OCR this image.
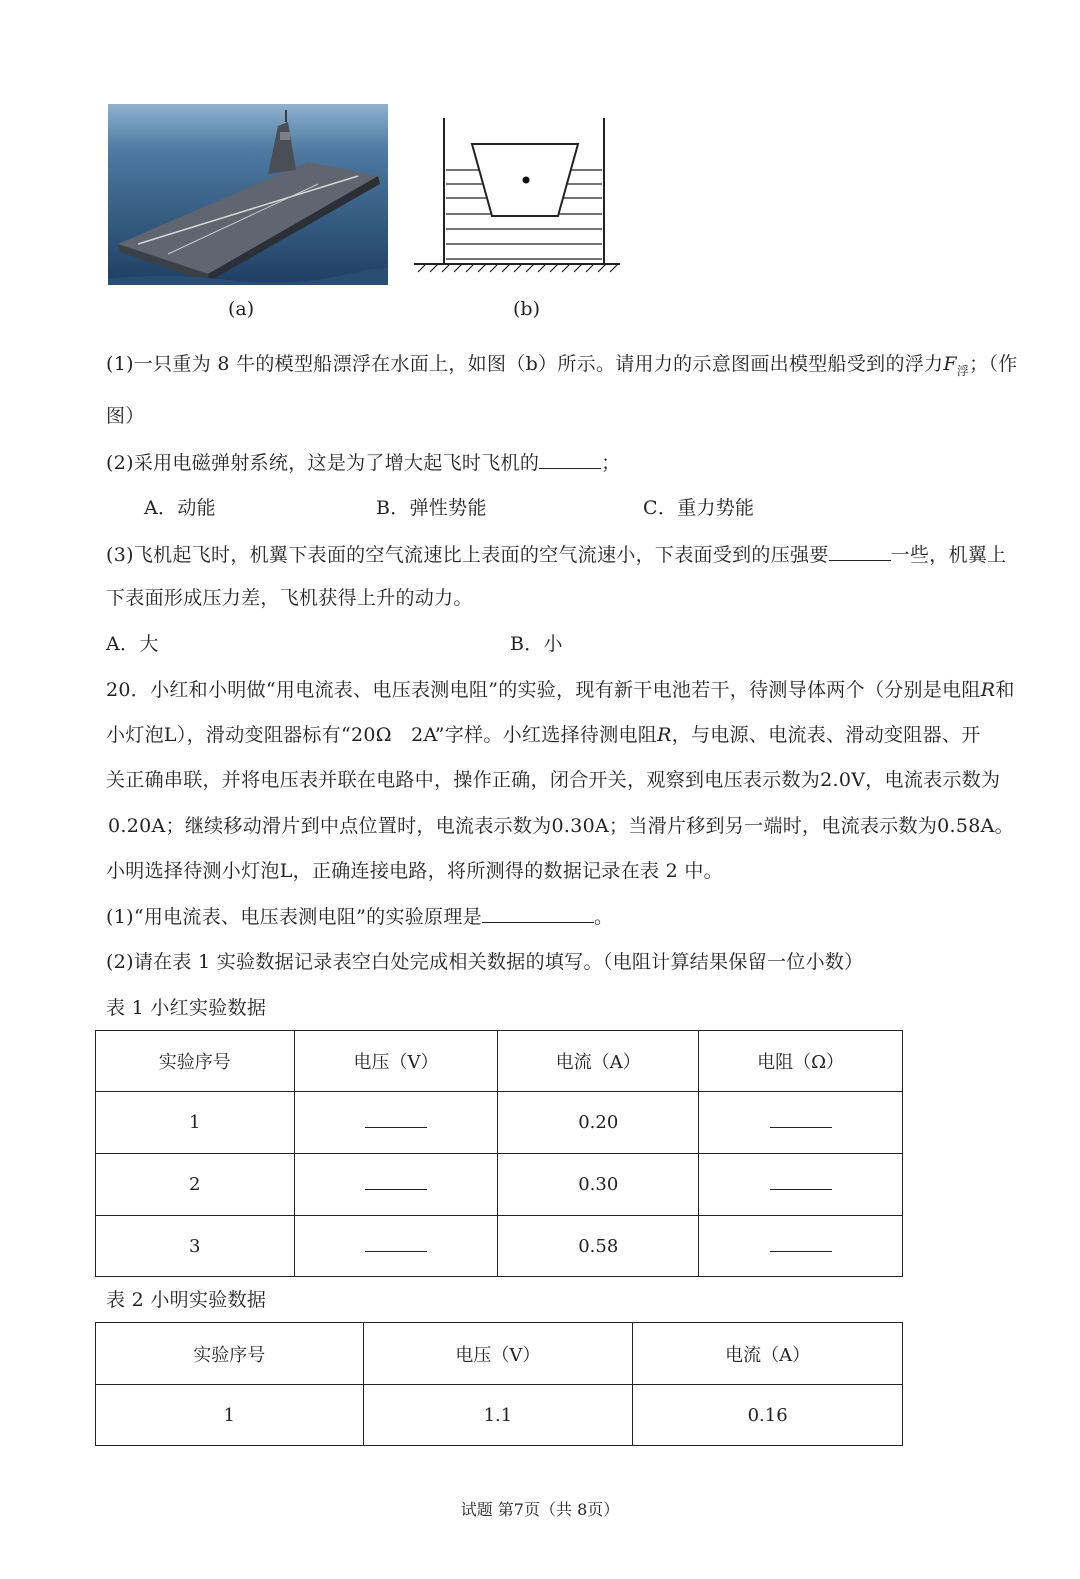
(a)	(b)
(1)一只重为 8 牛的模型船漂浮在水面上，如图（b）所示。请用力的示意图画出模型船受到的浮力$F_浮$；（作
图）
(2)采用电磁弹射系统，这是为了增大起飞时飞机的	；
A．动能	B．弹性势能	C．重力势能
(3)飞机起飞时，机翼下表面的空气流速比上表面的空气流速小，下表面受到的压强要	一些，机翼上
下表面形成压力差，飞机获得上升的动力。
A．大	B．小
20．小红和小明做“用电流表、电压表测电阻”的实验，现有新干电池若干，待测导体两个（分别是电阻R和
小灯泡L），滑动变阻器标有“20Ω　2A”字样。小红选择待测电阻R，与电源、电流表、滑动变阻器、开
关正确串联，并将电压表并联在电路中，操作正确，闭合开关，观察到电压表示数为2.0V，电流表示数为
0.20A；继续移动滑片到中点位置时，电流表示数为0.30A；当滑片移到另一端时，电流表示数为0.58A。
小明选择待测小灯泡L，正确连接电路，将所测得的数据记录在表 2 中。
(1)“用电流表、电压表测电阻”的实验原理是	。
(2)请在表 1 实验数据记录表空白处完成相关数据的填写。（电阻计算结果保留一位小数）
表 1 小红实验数据
实验序号	电压（V）	电流（A）	电阻（Ω）
1		0.20	
2		0.30	
3		0.58	
表 2 小明实验数据
实验序号	电压（V）	电流（A）
1	1.1	0.16
试题 第7页（共 8页）
